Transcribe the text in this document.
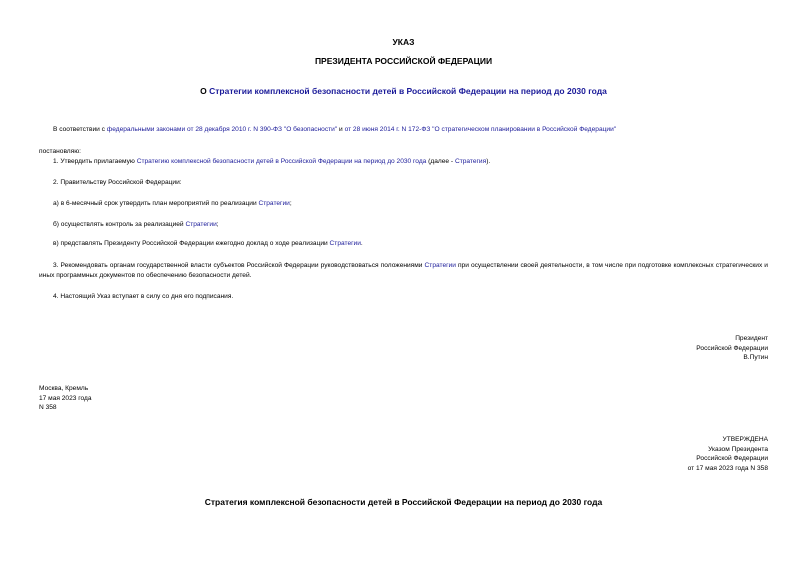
УКАЗ
ПРЕЗИДЕНТА РОССИЙСКОЙ ФЕДЕРАЦИИ
О Стратегии комплексной безопасности детей в Российской Федерации на период до 2030 года
В соответствии с федеральными законами от 28 декабря 2010 г. N 390-ФЗ "О безопасности" и от 28 июня 2014 г. N 172-ФЗ "О стратегическом планировании в Российской Федерации"
постановляю:
1. Утвердить прилагаемую Стратегию комплексной безопасности детей в Российской Федерации на период до 2030 года (далее - Стратегия).
2. Правительству Российской Федерации:
а) в 6-месячный срок утвердить план мероприятий по реализации Стратегии;
б) осуществлять контроль за реализацией Стратегии;
в) представлять Президенту Российской Федерации ежегодно доклад о ходе реализации Стратегии.
3. Рекомендовать органам государственной власти субъектов Российской Федерации руководствоваться положениями Стратегии при осуществлении своей деятельности, в том числе при подготовке комплексных стратегических и иных программных документов по обеспечению безопасности детей.
4. Настоящий Указ вступает в силу со дня его подписания.
Президент
Российской Федерации
В.Путин
Москва, Кремль
17 мая 2023 года
N 358
УТВЕРЖДЕНА
Указом Президента
Российской Федерации
от 17 мая 2023 года N 358
Стратегия комплексной безопасности детей в Российской Федерации на период до 2030 года
